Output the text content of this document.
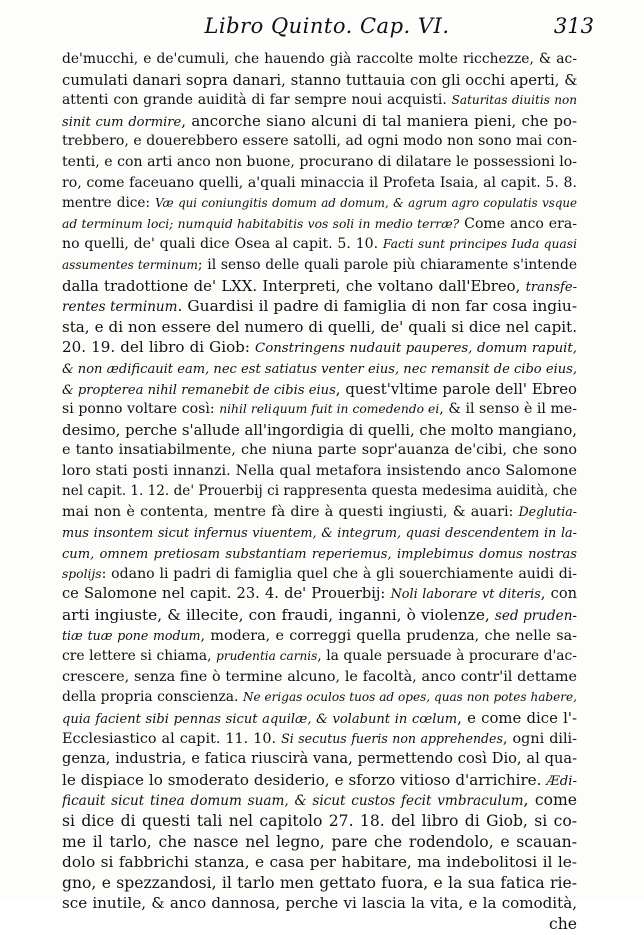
Libro Quinto. Cap. VI.	313
de'mucchi, e de'cumuli, che hauendo già raccolte molte ricchezze, & ac-
cumulati danari sopra danari, stanno tuttauia con gli occhi aperti, &
attenti con grande auidità di far sempre noui acquisti. Saturitas diuitis non
sinit cum dormire, ancorche siano alcuni di tal maniera pieni, che po-
trebbero, e douerebbero essere satolli, ad ogni modo non sono mai con-
tenti, e con arti anco non buone, procurano di dilatare le possessioni lo-
ro, come faceuano quelli, a'quali minaccia il Profeta Isaia, al capit. 5. 8.
mentre dice: Væ qui coniungitis domum ad domum, & agrum agro copulatis vsque
ad terminum loci; numquid habitabitis vos soli in medio terræ? Come anco era-
no quelli, de' quali dice Osea al capit. 5. 10. Facti sunt principes Iuda quasi
assumentes terminum; il senso delle quali parole più chiaramente s'intende
dalla tradottione de' LXX. Interpreti, che voltano dall'Ebreo, transfe-
rentes terminum. Guardisi il padre di famiglia di non far cosa ingiu-
sta, e di non essere del numero di quelli, de' quali si dice nel capit.
20. 19. del libro di Giob: Constringens nudauit pauperes, domum rapuit,
& non ædificauit eam, nec est satiatus venter eius, nec remansit de cibo eius,
& propterea nihil remanebit de cibis eius, quest'vltime parole dell' Ebreo
si ponno voltare così: nihil reliquum fuit in comedendo ei, & il senso è il me-
desimo, perche s'allude all'ingordigia di quelli, che molto mangiano,
e tanto insatiabilmente, che niuna parte sopr'auanza de'cibi, che sono
loro stati posti innanzi. Nella qual metafora insistendo anco Salomone
nel capit. 1. 12. de' Prouerbij ci rappresenta questa medesima auidità, che
mai non è contenta, mentre fà dire à questi ingiusti, & auari: Deglutia-
mus insontem sicut infernus viuentem, & integrum, quasi descendentem in la-
cum, omnem pretiosam substantiam reperiemus, implebimus domus nostras
spolijs: odano li padri di famiglia quel che à gli souerchiamente auidi di-
ce Salomone nel capit. 23. 4. de' Prouerbij: Noli laborare vt diteris, con
arti ingiuste, & illecite, con fraudi, inganni, ò violenze, sed pruden-
tiæ tuæ pone modum, modera, e correggi quella prudenza, che nelle sa-
cre lettere si chiama, prudentia carnis, la quale persuade à procurare d'ac-
crescere, senza fine ò termine alcuno, le facoltà, anco contr'il dettame
della propria conscienza. Ne erigas oculos tuos ad opes, quas non potes habere,
quia facient sibi pennas sicut aquilæ, & volabunt in cœlum, e come dice l'-
Ecclesiastico al capit. 11. 10. Si secutus fueris non apprehendes, ogni dili-
genza, industria, e fatica riuscirà vana, permettendo così Dio, al qua-
le dispiace lo smoderato desiderio, e sforzo vitioso d'arrichire. Ædi-
ficauit sicut tinea domum suam, & sicut custos fecit vmbraculum, come
si dice di questi tali nel capitolo 27. 18. del libro di Giob, si co-
me il tarlo, che nasce nel legno, pare che rodendolo, e scauan-
dolo si fabbrichi stanza, e casa per habitare, ma indebolitosi il le-
gno, e spezzandosi, il tarlo men gettato fuora, e la sua fatica rie-
sce inutile, & anco dannosa, perche vi lascia la vita, e la comodità,
che
